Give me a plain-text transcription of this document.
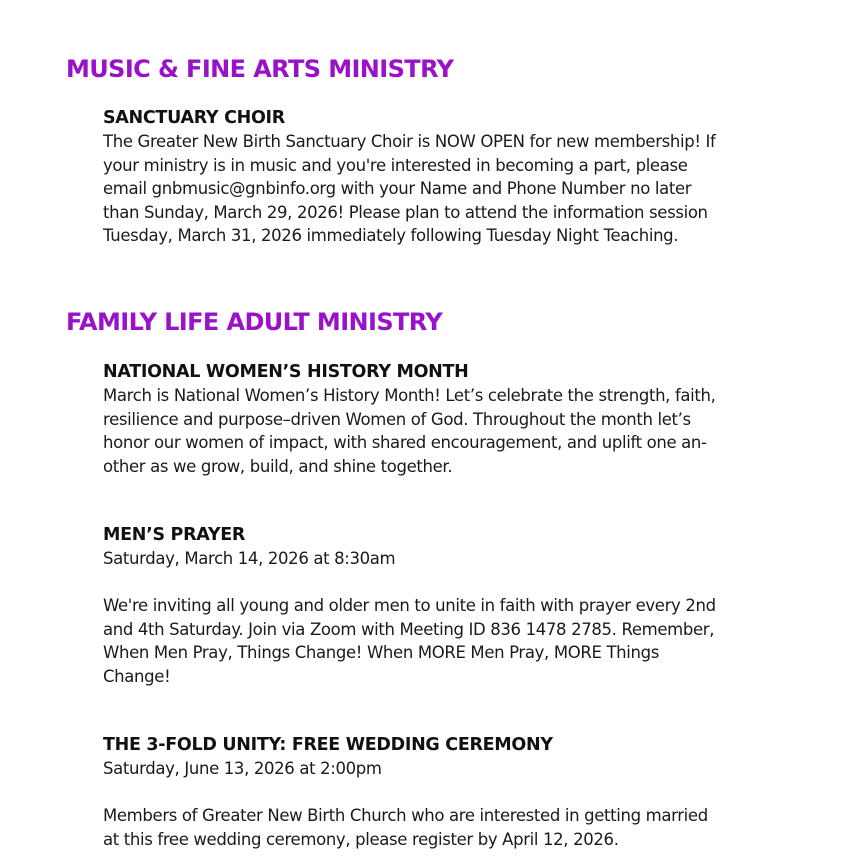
MUSIC & FINE ARTS MINISTRY
SANCTUARY CHOIR

The Greater New Birth Sanctuary Choir is NOW OPEN for new membership! If

your ministry is in music and you're interested in becoming a part, please

email gnbmusic@gnbinfo.org with your Name and Phone Number no later

than Sunday, March 29, 2026! Please plan to attend the information session

Tuesday, March 31, 2026 immediately following Tuesday Night Teaching.

FAMILY LIFE ADULT MINISTRY
NATIONAL WOMEN’S HISTORY MONTH

March is National Women’s History Month! Let’s celebrate the strength, faith,

resilience and purpose–driven Women of God. Throughout the month let’s

honor our women of impact, with shared encouragement, and uplift one an-

other as we grow, build, and shine together.

MEN’S PRAYER

Saturday, March 14, 2026 at 8:30am

We're inviting all young and older men to unite in faith with prayer every 2nd

and 4th Saturday. Join via Zoom with Meeting ID 836 1478 2785. Remember,

When Men Pray, Things Change! When MORE Men Pray, MORE Things

Change!

THE 3-FOLD UNITY: FREE WEDDING CEREMONY

Saturday, June 13, 2026 at 2:00pm

Members of Greater New Birth Church who are interested in getting married

at this free wedding ceremony, please register by April 12, 2026.
